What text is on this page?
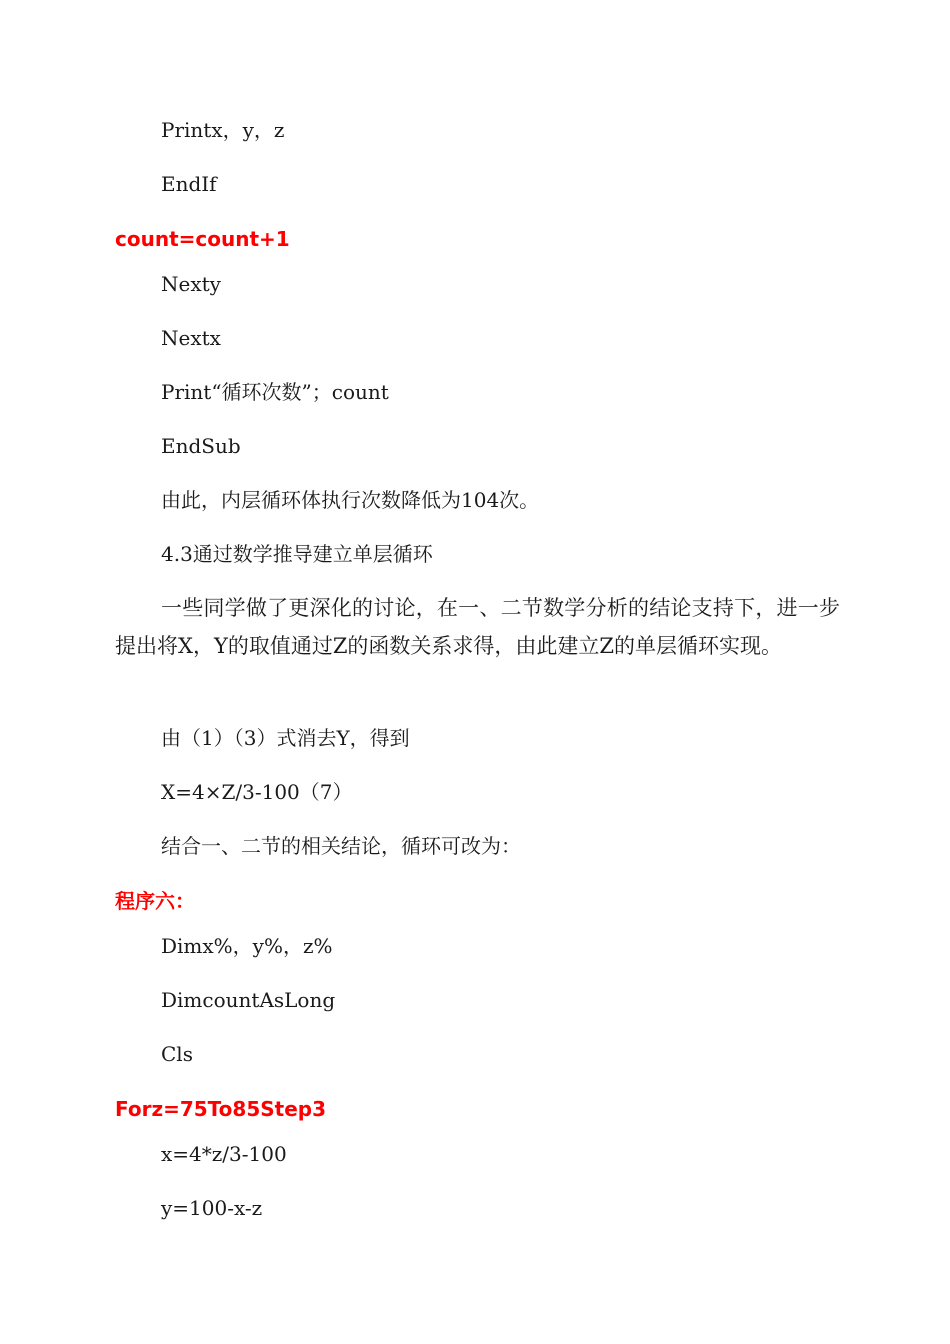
Printx，y，z
EndIf
count=count+1
Nexty
Nextx
Print“循环次数”；count
EndSub
由此，内层循环体执行次数降低为104次。
4.3通过数学推导建立单层循环

一些同学做了更深化的讨论，在一、二节数学分析的结论支持下，进一步提出将X，Y的取值通过Z的函数关系求得，由此建立Z的单层循环实现。

由（1）（3）式消去Y，得到
X=4×Z/3-100（7）
结合一、二节的相关结论，循环可改为：
程序六：
Dimx%，y%，z%
DimcountAsLong
Cls
Forz=75To85Step3
x=4*z/3-100
y=100-x-z
